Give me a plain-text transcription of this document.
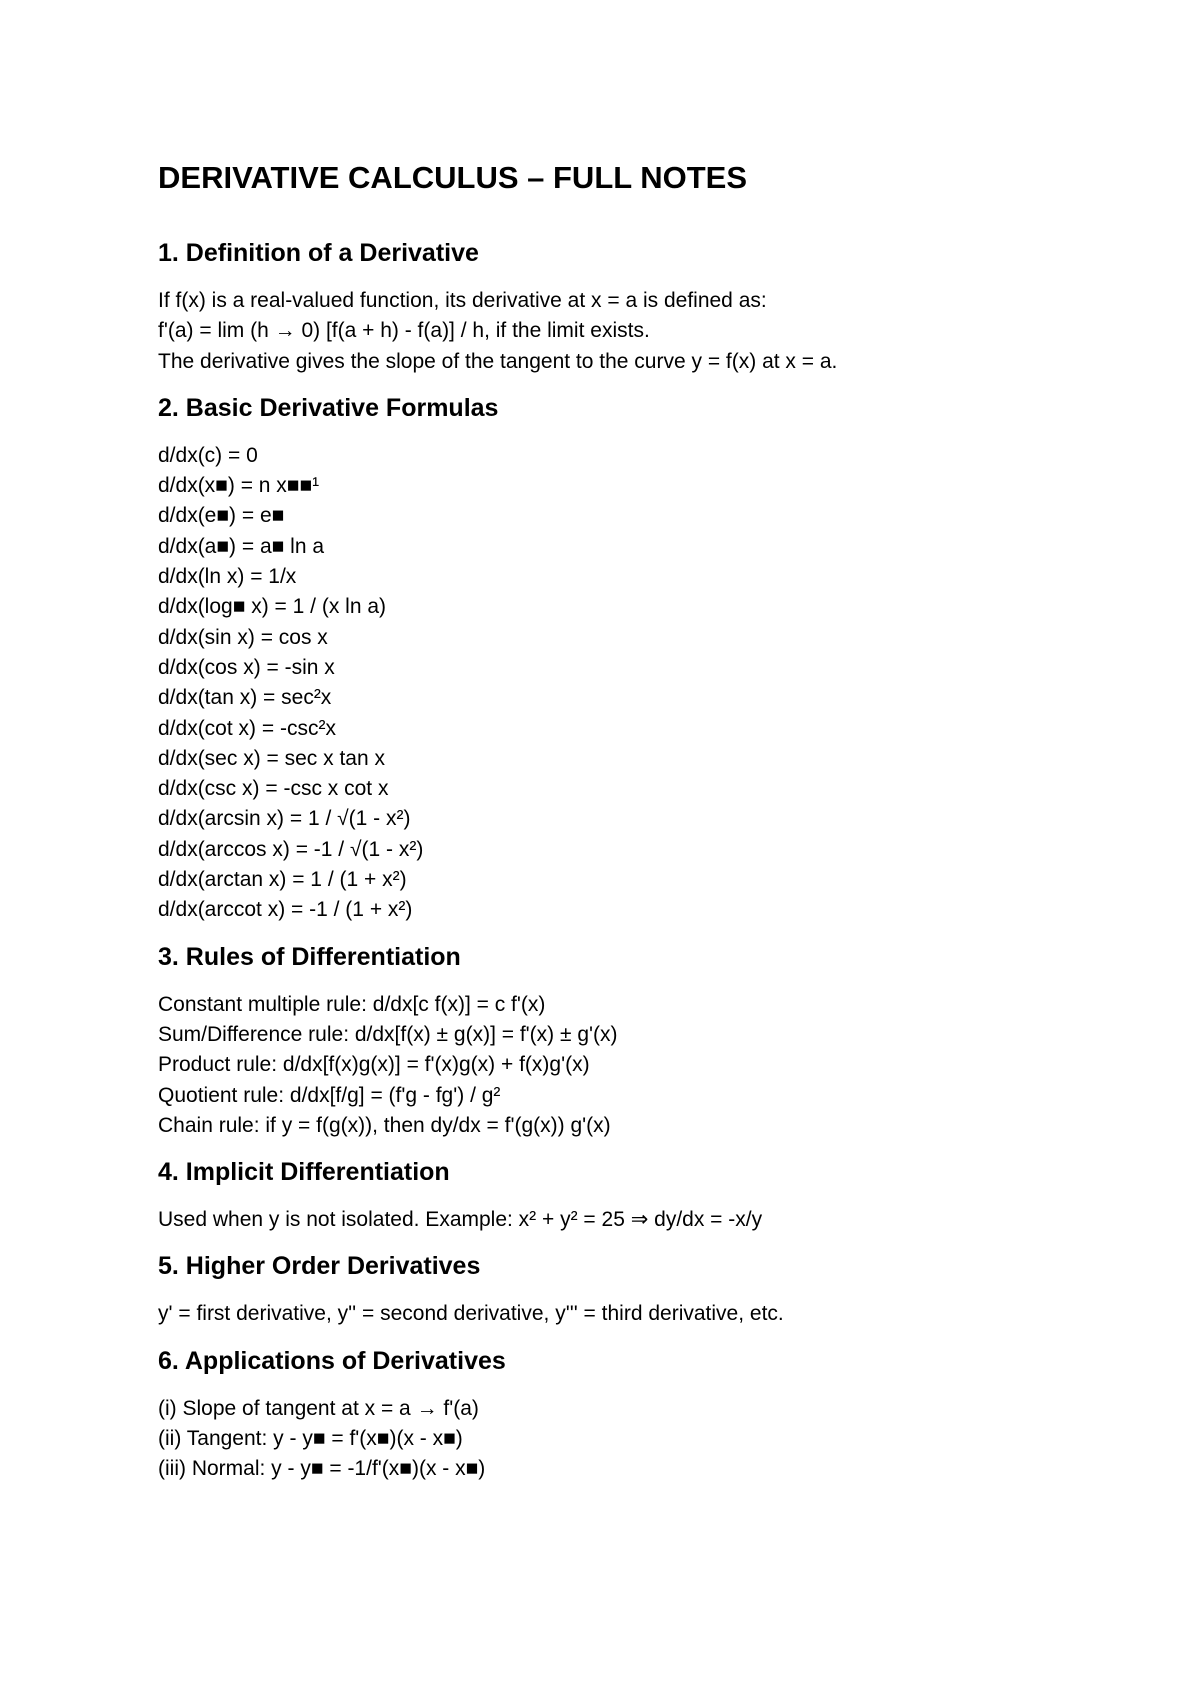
DERIVATIVE CALCULUS – FULL NOTES
1. Definition of a Derivative

If f(x) is a real-valued function, its derivative at x = a is defined as:

f'(a) = lim (h → 0) [f(a + h) - f(a)] / h, if the limit exists.

The derivative gives the slope of the tangent to the curve y = f(x) at x = a.

2. Basic Derivative Formulas

d/dx(c) = 0

d/dx(x■) = n x■■¹

d/dx(e■) = e■

d/dx(a■) = a■ ln a

d/dx(ln x) = 1/x

d/dx(log■ x) = 1 / (x ln a)

d/dx(sin x) = cos x

d/dx(cos x) = -sin x

d/dx(tan x) = sec²x

d/dx(cot x) = -csc²x

d/dx(sec x) = sec x tan x

d/dx(csc x) = -csc x cot x

d/dx(arcsin x) = 1 / √(1 - x²)

d/dx(arccos x) = -1 / √(1 - x²)

d/dx(arctan x) = 1 / (1 + x²)

d/dx(arccot x) = -1 / (1 + x²)

3. Rules of Differentiation

Constant multiple rule: d/dx[c f(x)] = c f'(x)

Sum/Difference rule: d/dx[f(x) ± g(x)] = f'(x) ± g'(x)

Product rule: d/dx[f(x)g(x)] = f'(x)g(x) + f(x)g'(x)

Quotient rule: d/dx[f/g] = (f'g - fg') / g²

Chain rule: if y = f(g(x)), then dy/dx = f'(g(x)) g'(x)

4. Implicit Differentiation

Used when y is not isolated. Example: x² + y² = 25 ⇒ dy/dx = -x/y

5. Higher Order Derivatives

y' = first derivative, y'' = second derivative, y''' = third derivative, etc.

6. Applications of Derivatives

(i) Slope of tangent at x = a → f'(a)

(ii) Tangent: y - y■ = f'(x■)(x - x■)

(iii) Normal: y - y■ = -1/f'(x■)(x - x■)
